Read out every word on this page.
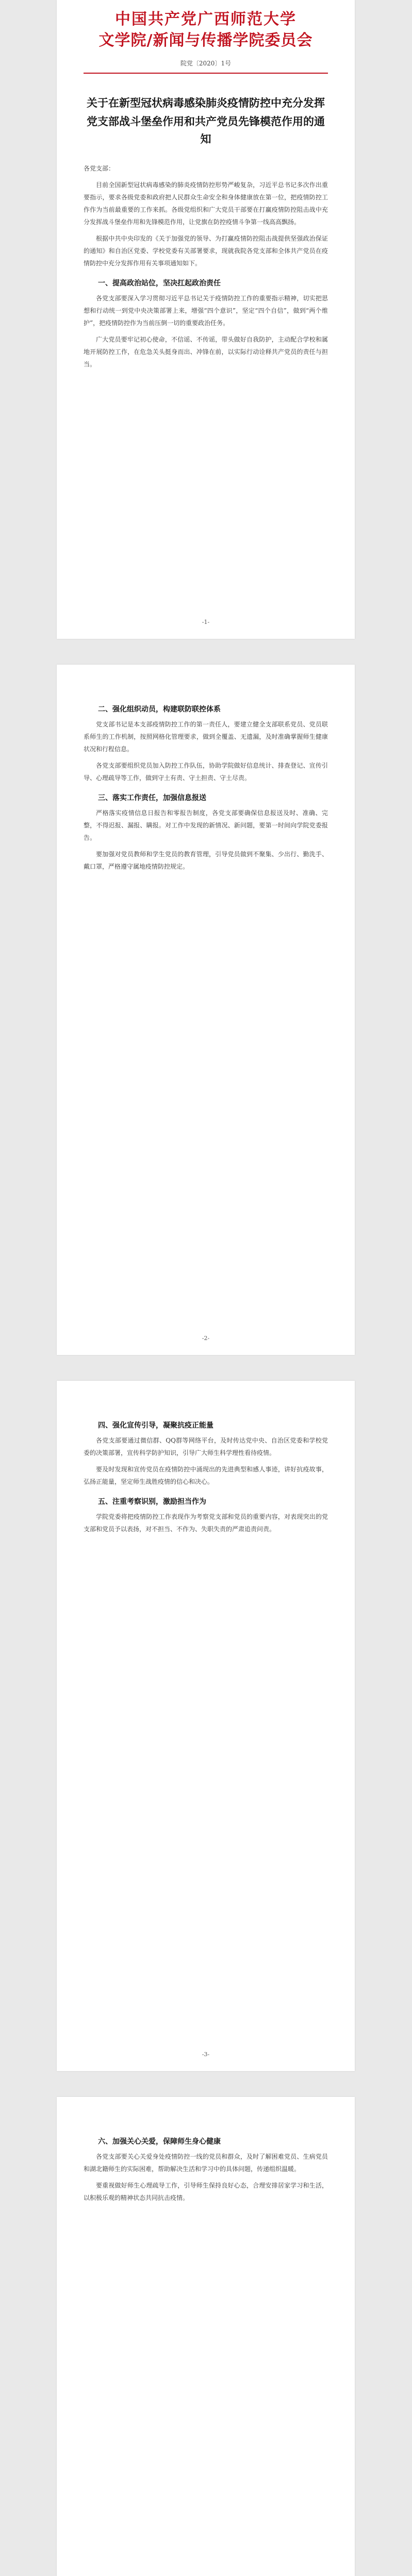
中国共产党广西师范大学
文学院/新闻与传播学院委员会
院党〔2020〕1号
关于在新型冠状病毒感染肺炎疫情防控中充分发挥
党支部战斗堡垒作用和共产党员先锋模范作用的通知

各党支部：

目前全国新型冠状病毒感染的肺炎疫情防控形势严峻复杂，习近平总书记多次作出重要指示，要求各级党委和政府把人民群众生命安全和身体健康放在第一位，把疫情防控工作作为当前最重要的工作来抓。各级党组织和广大党员干部要在打赢疫情防控阻击战中充分发挥战斗堡垒作用和先锋模范作用，让党旗在防控疫情斗争第一线高高飘扬。

根据中共中央印发的《关于加强党的领导、为打赢疫情防控阻击战提供坚强政治保证的通知》和自治区党委、学校党委有关部署要求，现就我院各党支部和全体共产党员在疫情防控中充分发挥作用有关事项通知如下。

一、提高政治站位，坚决扛起政治责任

各党支部要深入学习贯彻习近平总书记关于疫情防控工作的重要指示精神，切实把思想和行动统一到党中央决策部署上来，增强“四个意识”，坚定“四个自信”，做到“两个维护”，把疫情防控作为当前压倒一切的重要政治任务。

广大党员要牢记初心使命，不信谣、不传谣，带头做好自我防护，主动配合学校和属地开展防控工作，在危急关头挺身而出、冲锋在前，以实际行动诠释共产党员的责任与担当。

-1-
二、强化组织动员，构建联防联控体系

党支部书记是本支部疫情防控工作的第一责任人，要建立健全支部联系党员、党员联系师生的工作机制，按照网格化管理要求，做到全覆盖、无遗漏，及时准确掌握师生健康状况和行程信息。

各党支部要组织党员加入防控工作队伍，协助学院做好信息统计、排查登记、宣传引导、心理疏导等工作，做到守土有责、守土担责、守土尽责。

三、落实工作责任，加强信息报送

严格落实疫情信息日报告和零报告制度，各党支部要确保信息报送及时、准确、完整，不得迟报、漏报、瞒报。对工作中发现的新情况、新问题，要第一时间向学院党委报告。

要加强对党员教师和学生党员的教育管理，引导党员做到不聚集、少出行、勤洗手、戴口罩，严格遵守属地疫情防控规定。

-2-
四、强化宣传引导，凝聚抗疫正能量

各党支部要通过微信群、QQ群等网络平台，及时传达党中央、自治区党委和学校党委的决策部署，宣传科学防护知识，引导广大师生科学理性看待疫情。

要及时发现和宣传党员在疫情防控中涌现出的先进典型和感人事迹，讲好抗疫故事，弘扬正能量，坚定师生战胜疫情的信心和决心。

五、注重考察识别，激励担当作为

学院党委将把疫情防控工作表现作为考察党支部和党员的重要内容，对表现突出的党支部和党员予以表扬，对不担当、不作为、失职失责的严肃追责问责。

-3-
六、加强关心关爱，保障师生身心健康

各党支部要关心关爱身处疫情防控一线的党员和群众，及时了解困难党员、生病党员和湖北籍师生的实际困难，帮助解决生活和学习中的具体问题，传递组织温暖。

要重视做好师生心理疏导工作，引导师生保持良好心态，合理安排居家学习和生活，以积极乐观的精神状态共同抗击疫情。
